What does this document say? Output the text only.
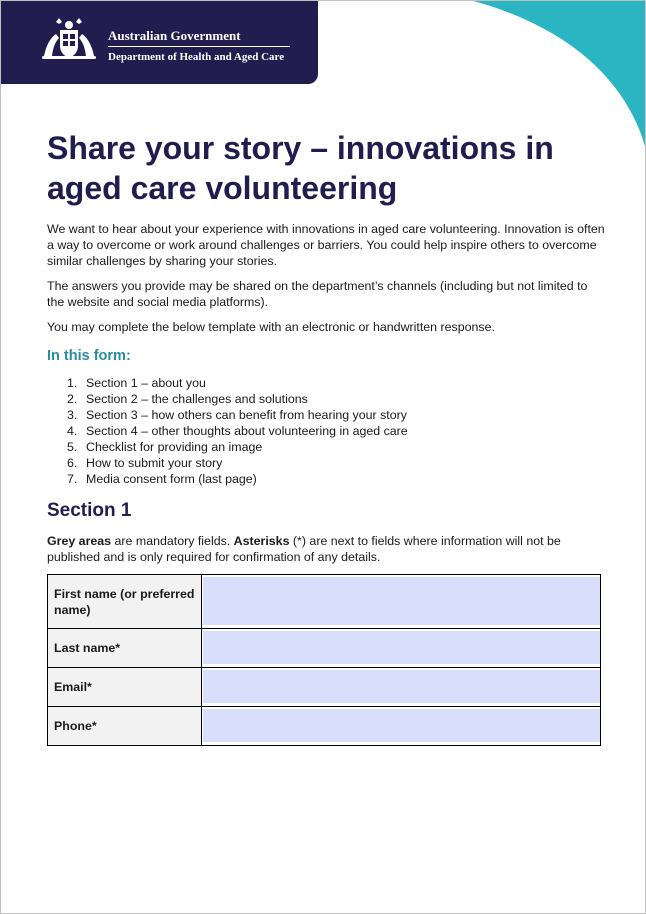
Australian Government
Department of Health and Aged Care
Share your story – innovations in aged care volunteering

We want to hear about your experience with innovations in aged care volunteering. Innovation is often a way to overcome or work around challenges or barriers. You could help inspire others to overcome similar challenges by sharing your stories.

The answers you provide may be shared on the department’s channels (including but not limited to the website and social media platforms).

You may complete the below template with an electronic or handwritten response.

In this form:
1. Section 1 – about you
2. Section 2 – the challenges and solutions
3. Section 3 – how others can benefit from hearing your story
4. Section 4 – other thoughts about volunteering in aged care
5. Checklist for providing an image
6. How to submit your story
7. Media consent form (last page)
Section 1

Grey areas are mandatory fields. Asterisks (*) are next to fields where information will not be published and is only required for confirmation of any details.

First name (or preferred name)	

Last name*	

Email*	

Phone*	
